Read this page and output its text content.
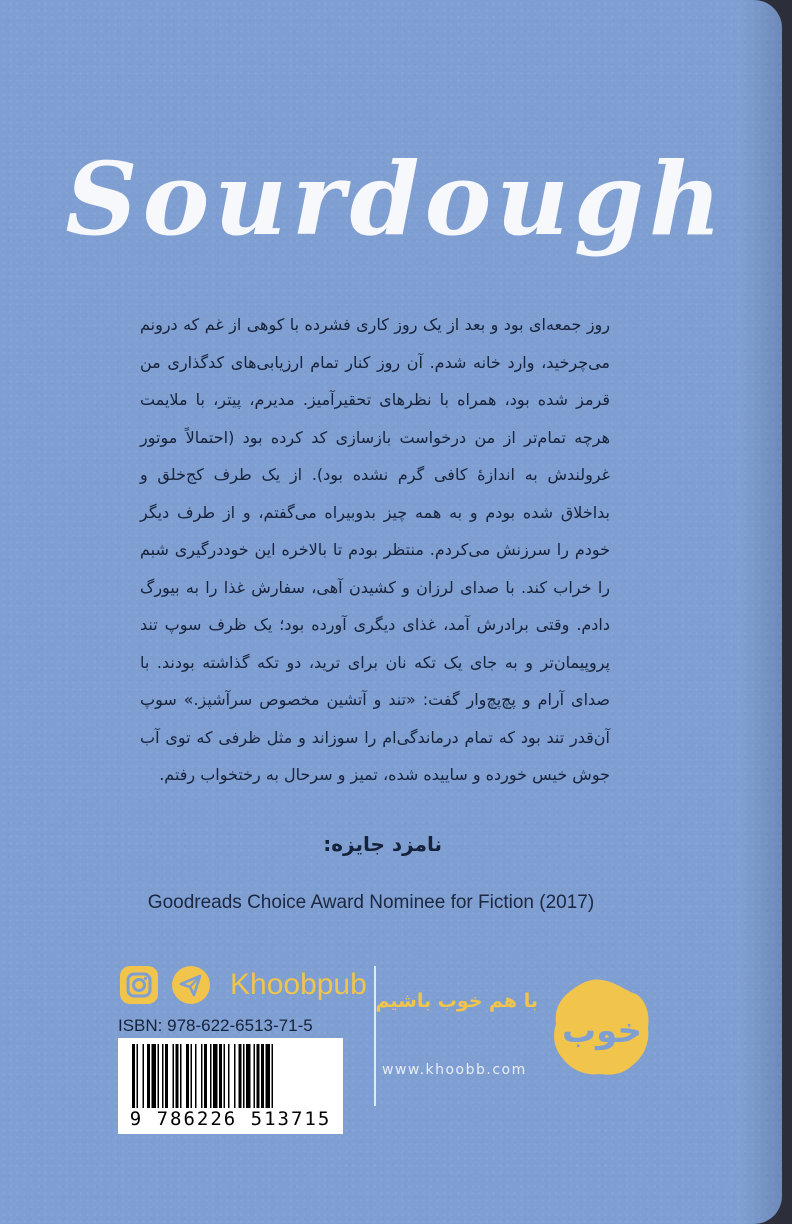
Sourdough
روز جمعه‌ای بود و بعد از یک روز کاری فشرده با کوهی از غم که درونم می‌چرخید، وارد خانه شدم. آن روز کنار تمام ارزیابی‌های کدگذاری من قرمز شده بود، همراه با نظرهای تحقیرآمیز. مدیرم، پیتر، با ملایمت هرچه تمام‌تر از من درخواست بازسازی کد کرده بود (احتمالاً موتور غرولندش به اندازهٔ کافی گرم نشده بود). از یک طرف کج‌خلق و بداخلاق شده بودم و به همه چیز بدوبیراه می‌گفتم، و از طرف دیگر خودم را سرزنش می‌کردم. منتظر بودم تا بالاخره این خوددرگیری شبم را خراب کند. با صدای لرزان و کشیدن آهی، سفارش غذا را به بیورگ دادم. وقتی برادرش آمد، غذای دیگری آورده بود؛ یک ظرف سوپ تند پروپیمان‌تر و به جای یک تکه نان برای ترید، دو تکه گذاشته بودند. با صدای آرام و پچ‌پچ‌وار گفت: «تند و آتشین مخصوص سرآشپز.» سوپ آن‌قدر تند بود که تمام درماندگی‌ام را سوزاند و مثل ظرفی که توی آب جوش خیس خورده و ساییده شده، تمیز و سرحال به رختخواب رفتم.
نامزد جایزه:
Goodreads Choice Award Nominee for Fiction (2017)
Khoobpub
ISBN: 978-622-6513-71-5
9 786226 513715
با هم خوب باشیم
www.khoobb.com
خوب
